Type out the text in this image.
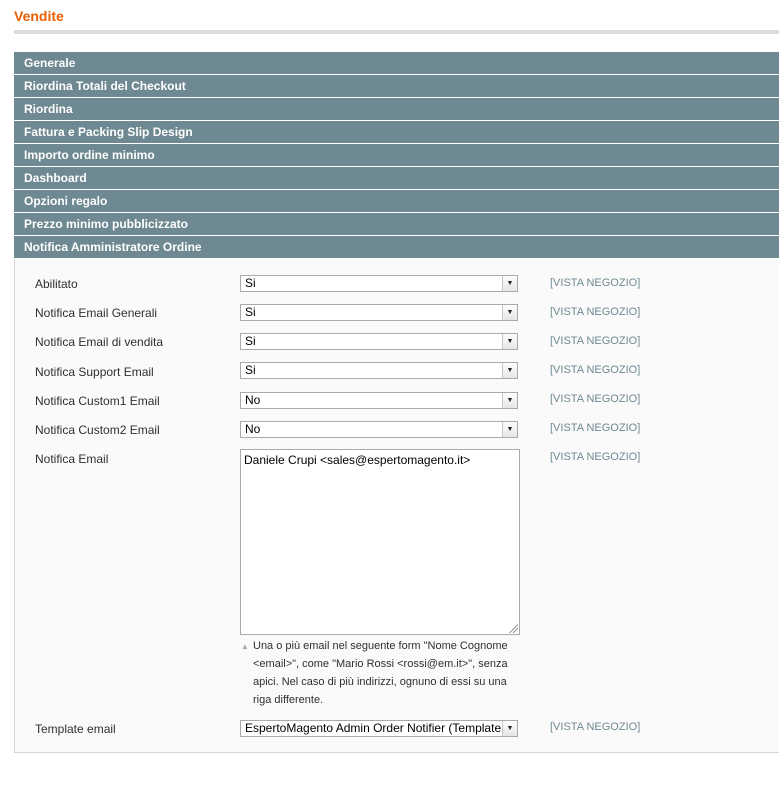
Vendite
Generale
Riordina Totali del Checkout
Riordina
Fattura e Packing Slip Design
Importo ordine minimo
Dashboard
Opzioni regalo
Prezzo minimo pubblicizzato
Notifica Amministratore Ordine
Abilitato	Si	▼	[VISTA NEGOZIO]
Notifica Email Generali	Si	▼	[VISTA NEGOZIO]
Notifica Email di vendita	Si	▼	[VISTA NEGOZIO]
Notifica Support Email	Si	▼	[VISTA NEGOZIO]
Notifica Custom1 Email	No	▼	[VISTA NEGOZIO]
Notifica Custom2 Email	No	▼	[VISTA NEGOZIO]
Notifica Email	Daniele Crupi <sales@espertomagento.it>	[VISTA NEGOZIO]
▲ Una o più email nel seguente form "Nome Cognome <email>", come "Mario Rossi <rossi@em.it>", senza apici. Nel caso di più indirizzi, ognuno di essi su una riga differente.
Template email	EspertoMagento Admin Order Notifier (Template ▼	[VISTA NEGOZIO]
